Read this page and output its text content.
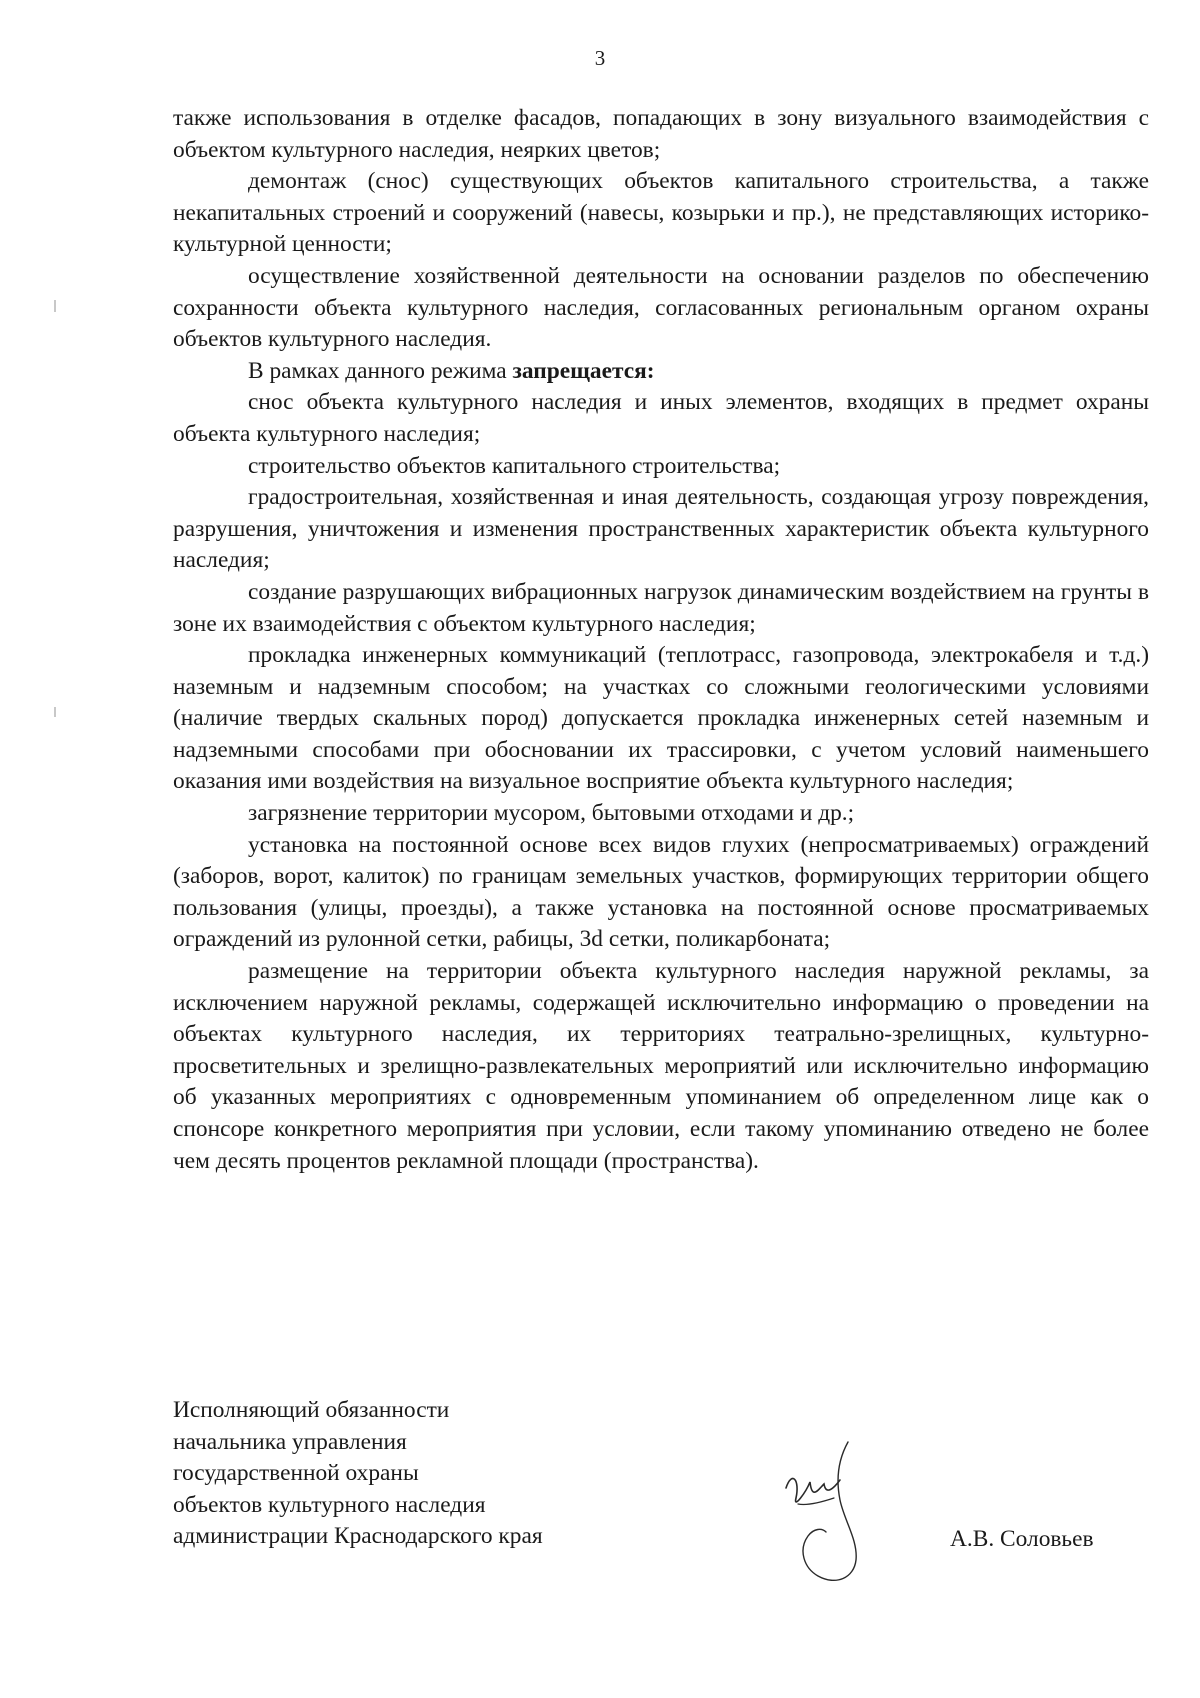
3

также использования в отделке фасадов, попадающих в зону визуального взаимодействия с объектом культурного наследия, неярких цветов;

демонтаж (снос) существующих объектов капитального строительства, а также некапитальных строений и сооружений (навесы, козырьки и пр.), не представляющих историко-культурной ценности;

осуществление хозяйственной деятельности на основании разделов по обеспечению сохранности объекта культурного наследия, согласованных региональным органом охраны объектов культурного наследия.

В рамках данного режима запрещается:

снос объекта культурного наследия и иных элементов, входящих в предмет охраны объекта культурного наследия;

строительство объектов капитального строительства;

градостроительная, хозяйственная и иная деятельность, создающая угрозу повреждения, разрушения, уничтожения и изменения пространственных характеристик объекта культурного наследия;

создание разрушающих вибрационных нагрузок динамическим воздействием на грунты в зоне их взаимодействия с объектом культурного наследия;

прокладка инженерных коммуникаций (теплотрасс, газопровода, электрокабеля и т.д.) наземным и надземным способом; на участках со сложными геологическими условиями (наличие твердых скальных пород) допускается прокладка инженерных сетей наземным и надземными способами при обосновании их трассировки, с учетом условий наименьшего оказания ими воздействия на визуальное восприятие объекта культурного наследия;

загрязнение территории мусором, бытовыми отходами и др.;

установка на постоянной основе всех видов глухих (непросматриваемых) ограждений (заборов, ворот, калиток) по границам земельных участков, формирующих территории общего пользования (улицы, проезды), а также установка на постоянной основе просматриваемых ограждений из рулонной сетки, рабицы, 3d сетки, поликарбоната;

размещение на территории объекта культурного наследия наружной рекламы, за исключением наружной рекламы, содержащей исключительно информацию о проведении на объектах культурного наследия, их территориях театрально-зрелищных, культурно-просветительных и зрелищно-развлекательных мероприятий или исключительно информацию об указанных мероприятиях с одновременным упоминанием об определенном лице как о спонсоре конкретного мероприятия при условии, если такому упоминанию отведено не более чем десять процентов рекламной площади (пространства).

Исполняющий обязанности
начальника управления
государственной охраны
объектов культурного наследия
администрации Краснодарского края	А.В. Соловьев
